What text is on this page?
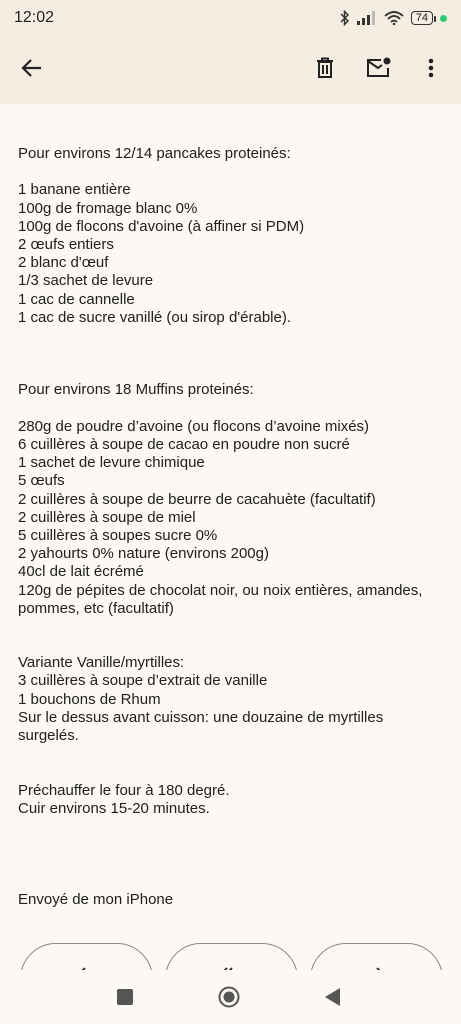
12:02	74
Pour environs 12/14 pancakes proteinés:
1 banane entière
100g de fromage blanc 0%
100g de flocons d'avoine (à affiner si PDM)
2 œufs entiers
2 blanc d'œuf
1/3 sachet de levure
1 cac de cannelle
1 cac de sucre vanillé (ou sirop d'érable).
Pour environs 18 Muffins proteinés:
280g de poudre d’avoine (ou flocons d’avoine mixés)
6 cuillères à soupe de cacao en poudre non sucré
1 sachet de levure chimique
5 œufs
2 cuillères à soupe de beurre de cacahuète (facultatif)
2 cuillères à soupe de miel
5 cuillères à soupes sucre 0%
2 yahourts 0% nature (environs 200g)
40cl de lait écrémé
120g de pépites de chocolat noir, ou noix entières, amandes,
pommes, etc (facultatif)
Variante Vanille/myrtilles:
3 cuillères à soupe d’extrait de vanille
1 bouchons de Rhum
Sur le dessus avant cuisson: une douzaine de myrtilles
surgelés.
Préchauffer le four à 180 degré.
Cuir environs 15-20 minutes.
Envoyé de mon iPhone
